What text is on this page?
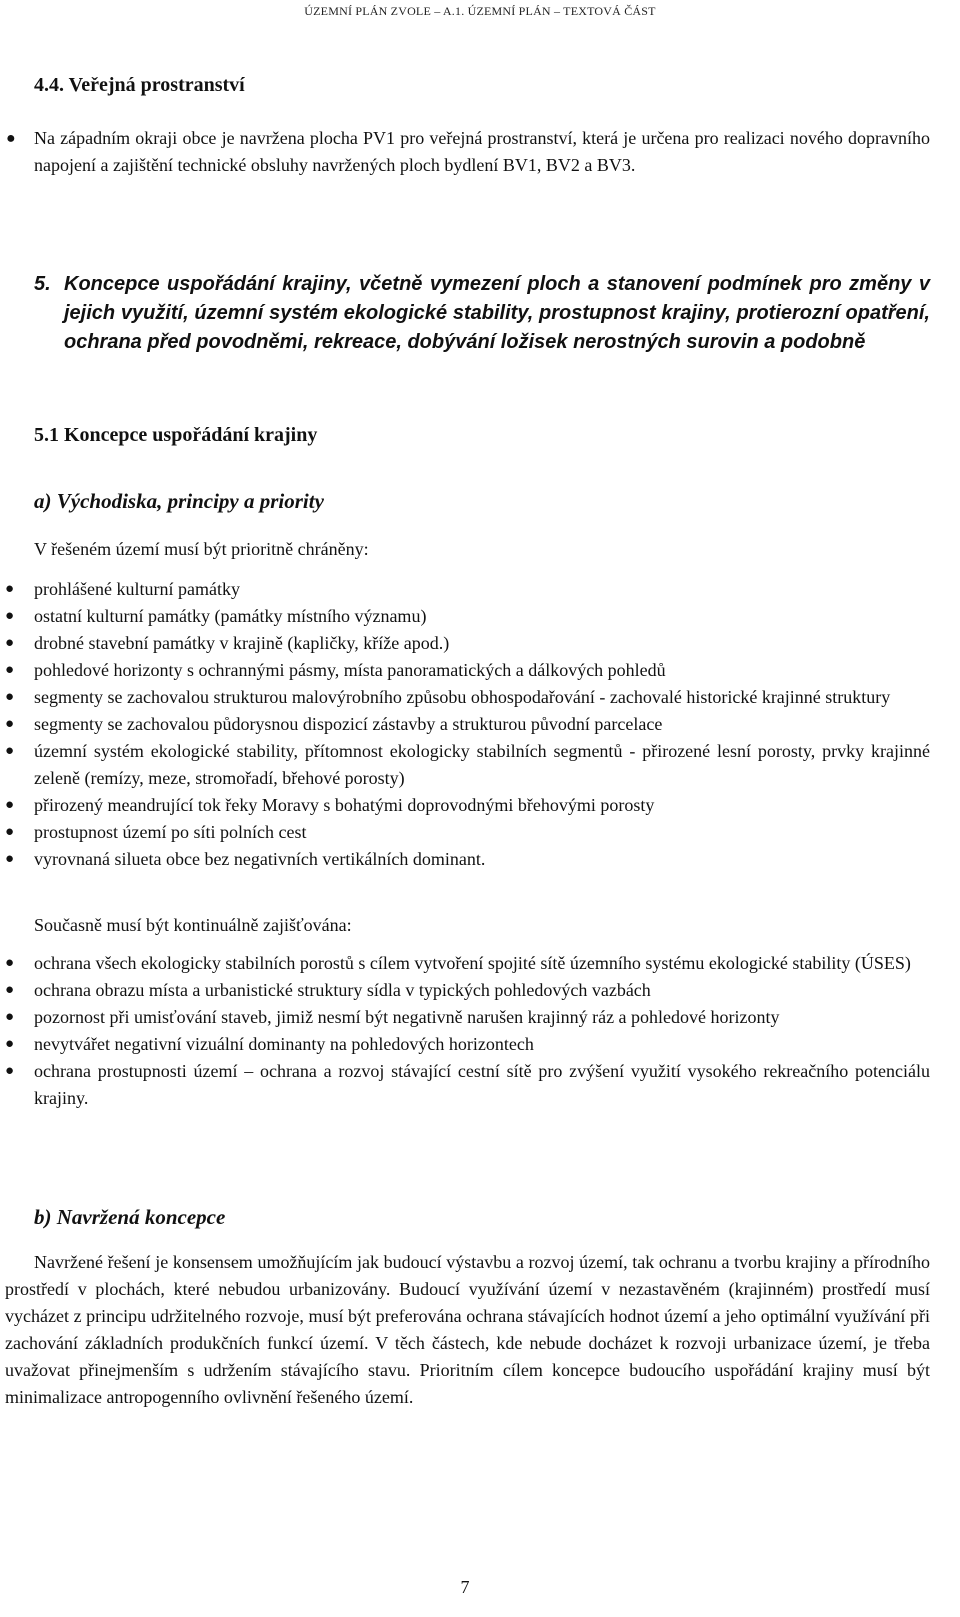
ÚZEMNÍ PLÁN ZVOLE – A.1. ÚZEMNÍ PLÁN – TEXTOVÁ ČÁST
4.4. Veřejná prostranství

● Na západním okraji obce je navržena plocha PV1 pro veřejná prostranství, která je určena pro realizaci nového dopravního napojení a zajištění technické obsluhy navržených ploch bydlení BV1, BV2 a BV3.

5. Koncepce uspořádání krajiny, včetně vymezení ploch a stanovení podmínek pro změny v jejich využití, územní systém ekologické stability, prostupnost krajiny, protierozní opatření, ochrana před povodněmi, rekreace, dobývání ložisek nerostných surovin a podobně
5.1 Koncepce uspořádání krajiny
a) Východiska, principy a priority

V řešeném území musí být prioritně chráněny:

● prohlášené kulturní památky
● ostatní kulturní památky (památky místního významu)
● drobné stavební památky v krajině (kapličky, kříže apod.)
● pohledové horizonty s ochrannými pásmy, místa panoramatických a dálkových pohledů
● segmenty se zachovalou strukturou malovýrobního způsobu obhospodařování - zachovalé historické krajinné struktury
● segmenty se zachovalou půdorysnou dispozicí zástavby a strukturou původní parcelace
● územní systém ekologické stability, přítomnost ekologicky stabilních segmentů - přirozené lesní porosty, prvky krajinné zeleně (remízy, meze, stromořadí, břehové porosty)
● přirozený meandrující tok řeky Moravy s bohatými doprovodnými břehovými porosty
● prostupnost území po síti polních cest
● vyrovnaná silueta obce bez negativních vertikálních dominant.

Současně musí být kontinuálně zajišťována:

● ochrana všech ekologicky stabilních porostů s cílem vytvoření spojité sítě územního systému ekologické stability (ÚSES)
● ochrana obrazu místa a urbanistické struktury sídla v typických pohledových vazbách
● pozornost při umisťování staveb, jimiž nesmí být negativně narušen krajinný ráz a pohledové horizonty
● nevytvářet negativní vizuální dominanty na pohledových horizontech
● ochrana prostupnosti území – ochrana a rozvoj stávající cestní sítě pro zvýšení využití vysokého rekreačního potenciálu krajiny.
b) Navržená koncepce

Navržené řešení je konsensem umožňujícím jak budoucí výstavbu a rozvoj území, tak ochranu a tvorbu krajiny a přírodního prostředí v plochách, které nebudou urbanizovány. Budoucí využívání území v nezastavěném (krajinném) prostředí musí vycházet z principu udržitelného rozvoje, musí být preferována ochrana stávajících hodnot území a jeho optimální využívání při zachování základních produkčních funkcí území. V těch částech, kde nebude docházet k rozvoji urbanizace území, je třeba uvažovat přinejmenším s udržením stávajícího stavu. Prioritním cílem koncepce budoucího uspořádání krajiny musí být minimalizace antropogenního ovlivnění řešeného území.

7
